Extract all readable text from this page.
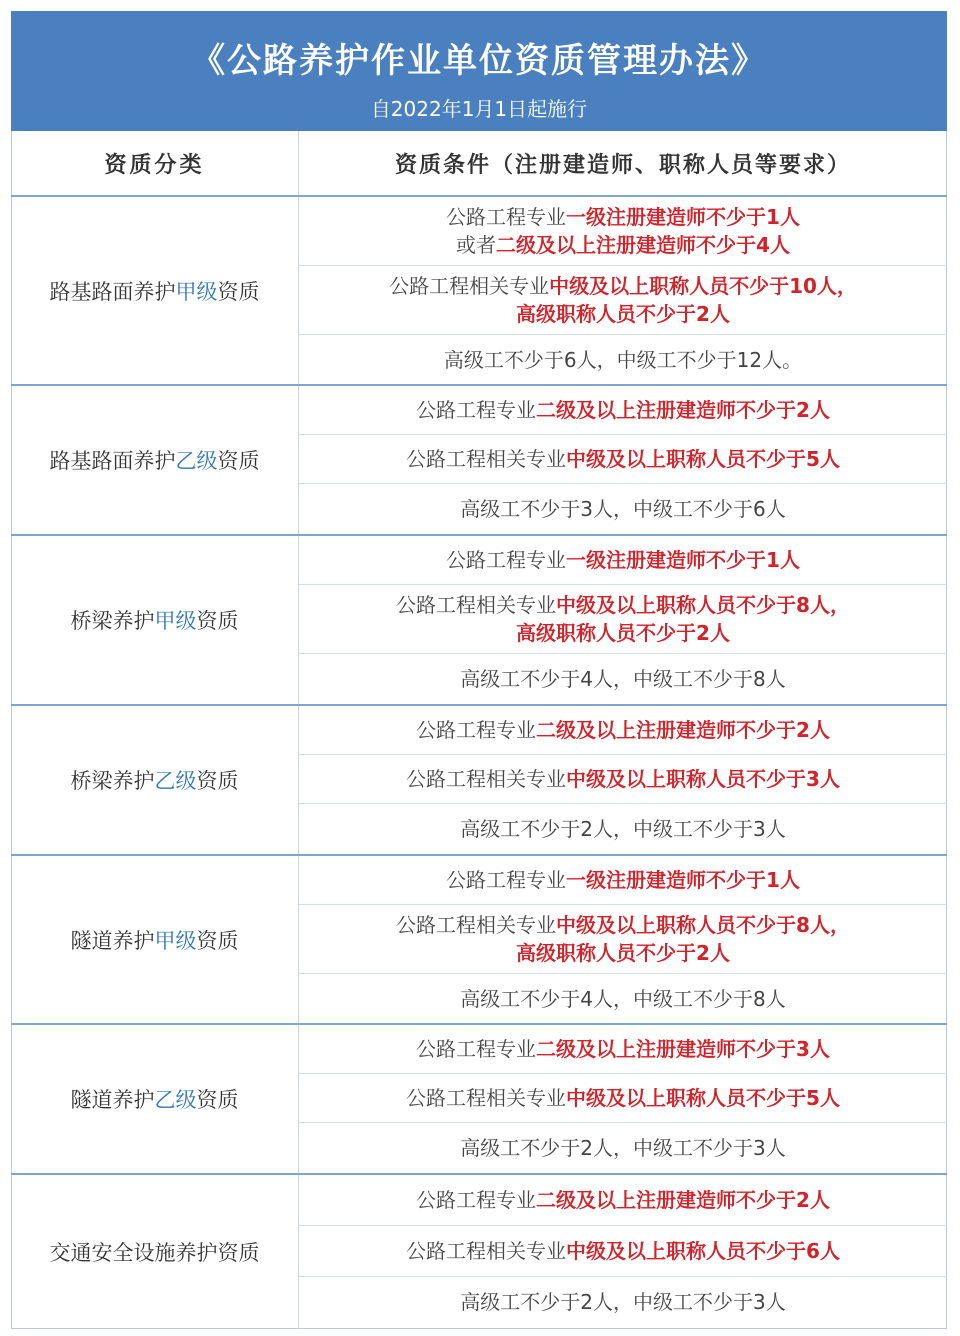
《公路养护作业单位资质管理办法》
自2022年1月1日起施行
资质分类	资质条件（注册建造师、职称人员等要求）
路基路面养护 甲级 资质
公路工程专业一级注册建造师不少于1人
或者二级及以上注册建造师不少于4人
公路工程相关专业中级及以上职称人员不少于10人，
高级职称人员不少于2人
高级工不少于6人，中级工不少于12人。
路基路面养护 乙级 资质
公路工程专业二级及以上注册建造师不少于2人
公路工程相关专业中级及以上职称人员不少于5人
高级工不少于3人，中级工不少于6人
桥梁养护 甲级 资质
公路工程专业一级注册建造师不少于1人
公路工程相关专业中级及以上职称人员不少于8人，
高级职称人员不少于2人
高级工不少于4人，中级工不少于8人
桥梁养护 乙级 资质
公路工程专业二级及以上注册建造师不少于2人
公路工程相关专业中级及以上职称人员不少于3人
高级工不少于2人，中级工不少于3人
隧道养护 甲级 资质
公路工程专业一级注册建造师不少于1人
公路工程相关专业中级及以上职称人员不少于8人，
高级职称人员不少于2人
高级工不少于4人，中级工不少于8人
隧道养护 乙级 资质
公路工程专业二级及以上注册建造师不少于3人
公路工程相关专业中级及以上职称人员不少于5人
高级工不少于2人，中级工不少于3人
交通安全设施养护资质
公路工程专业二级及以上注册建造师不少于2人
公路工程相关专业中级及以上职称人员不少于6人
高级工不少于2人，中级工不少于3人
